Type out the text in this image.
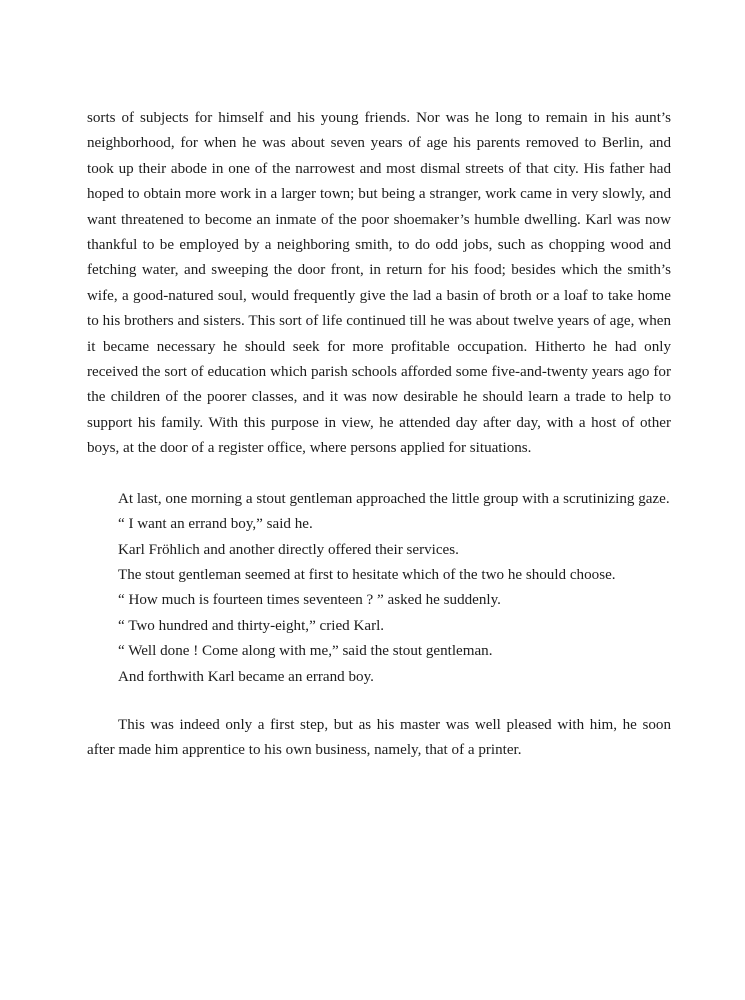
sorts of subjects for himself and his young friends. Nor was he long to remain in his aunt’s neighborhood, for when he was about seven years of age his parents removed to Berlin, and took up their abode in one of the narrowest and most dismal streets of that city. His father had hoped to obtain more work in a larger town; but being a stranger, work came in very slowly, and want threatened to become an inmate of the poor shoemaker’s humble dwelling. Karl was now thankful to be employed by a neighboring smith, to do odd jobs, such as chopping wood and fetching water, and sweeping the door front, in return for his food; besides which the smith’s wife, a good-natured soul, would frequently give the lad a basin of broth or a loaf to take home to his brothers and sisters. This sort of life continued till he was about twelve years of age, when it became necessary he should seek for more profitable occupation. Hitherto he had only received the sort of education which parish schools afforded some five-and-twenty years ago for the children of the poorer classes, and it was now desirable he should learn a trade to help to support his family. With this purpose in view, he attended day after day, with a host of other boys, at the door of a register office, where persons applied for situations.

At last, one morning a stout gentleman approached the little group with a scrutinizing gaze.

“ I want an errand boy,” said he.

Karl Fröhlich and another directly offered their services.

The stout gentleman seemed at first to hesitate which of the two he should choose.

“ How much is fourteen times seventeen ? ” asked he suddenly.

“ Two hundred and thirty-eight,” cried Karl.

“ Well done ! Come along with me,” said the stout gentleman.

And forthwith Karl became an errand boy.

This was indeed only a first step, but as his master was well pleased with him, he soon after made him apprentice to his own business, namely, that of a printer.
